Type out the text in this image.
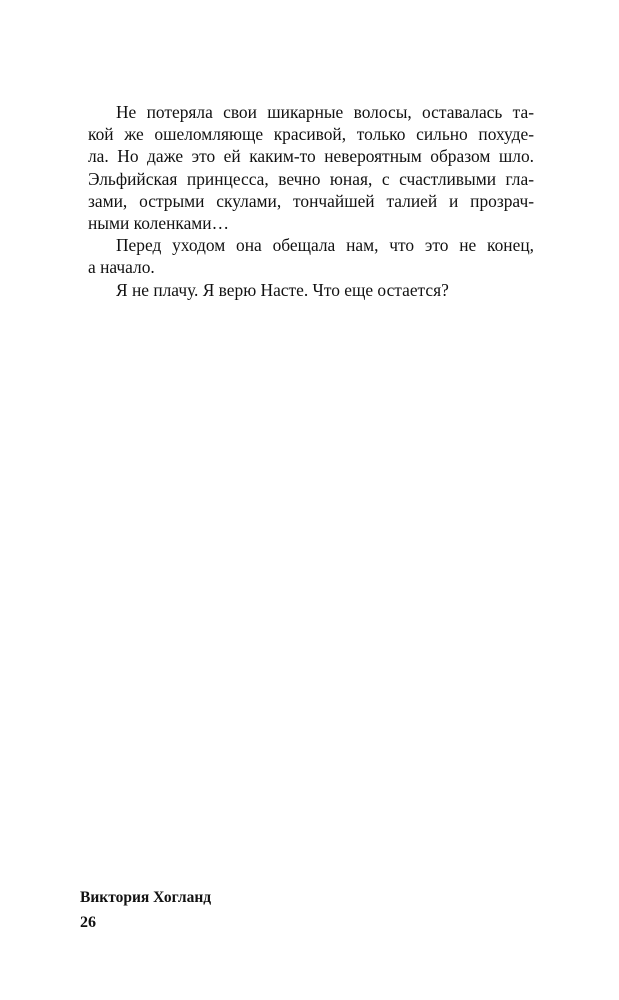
Не потеряла свои шикарные волосы, оставалась та-
кой же ошеломляюще красивой, только сильно похуде-
ла. Но даже это ей каким-то невероятным образом шло.
Эльфийская принцесса, вечно юная, с счастливыми гла-
зами, острыми скулами, тончайшей талией и прозрач-
ными коленками…
Перед уходом она обещала нам, что это не конец,
а начало.
Я не плачу. Я верю Насте. Что еще остается?
Виктория Хогланд
26
